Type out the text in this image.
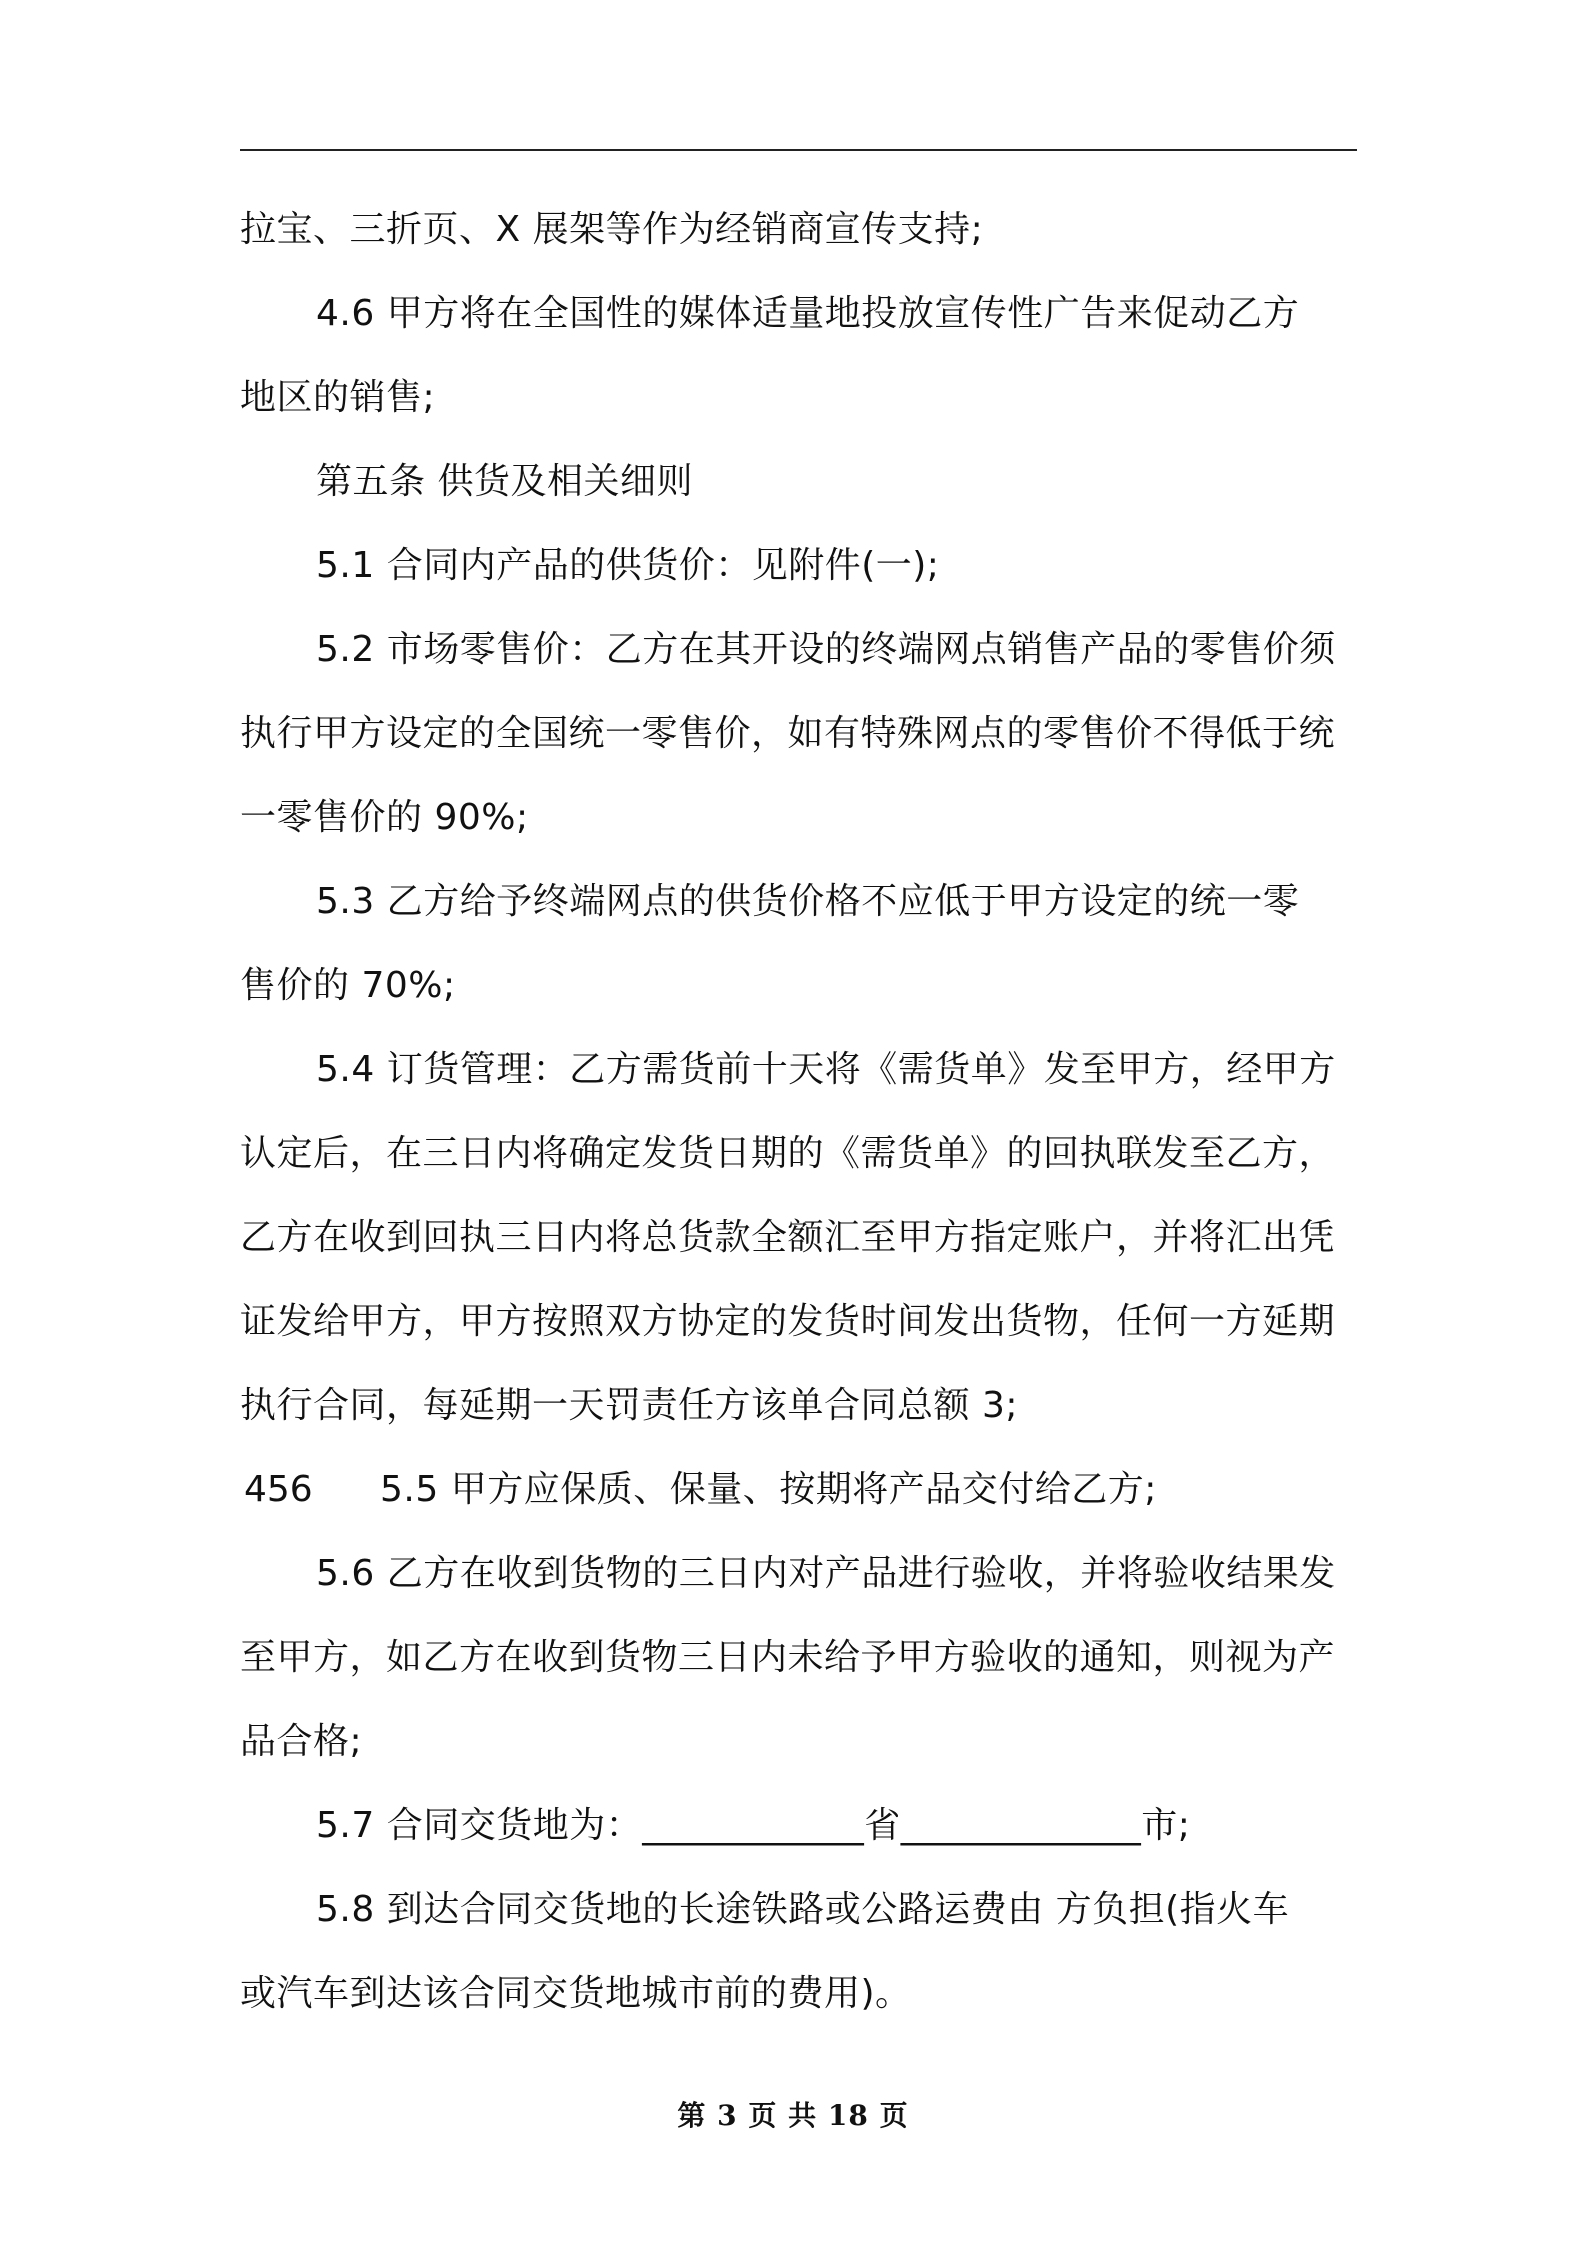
拉宝、三折页、X 展架等作为经销商宣传支持;
4.6 甲方将在全国性的媒体适量地投放宣传性广告来促动乙方
地区的销售;
第五条 供货及相关细则
5.1 合同内产品的供货价：见附件(一);
5.2 市场零售价：乙方在其开设的终端网点销售产品的零售价须
执行甲方设定的全国统一零售价，如有特殊网点的零售价不得低于统
一零售价的 90%;
5.3 乙方给予终端网点的供货价格不应低于甲方设定的统一零
售价的 70%;
5.4 订货管理：乙方需货前十天将《需货单》发至甲方，经甲方
认定后，在三日内将确定发货日期的《需货单》的回执联发至乙方，
乙方在收到回执三日内将总货款全额汇至甲方指定账户，并将汇出凭
证发给甲方，甲方按照双方协定的发货时间发出货物，任何一方延期
执行合同，每延期一天罚责任方该单合同总额 3;
456 5.5 甲方应保质、保量、按期将产品交付给乙方;
5.6 乙方在收到货物的三日内对产品进行验收，并将验收结果发
至甲方，如乙方在收到货物三日内未给予甲方验收的通知，则视为产
品合格;
5.7 合同交货地为：____________省_____________市;
5.8 到达合同交货地的长途铁路或公路运费由 方负担(指火车
或汽车到达该合同交货地城市前的费用)。
第 3 页 共 18 页
